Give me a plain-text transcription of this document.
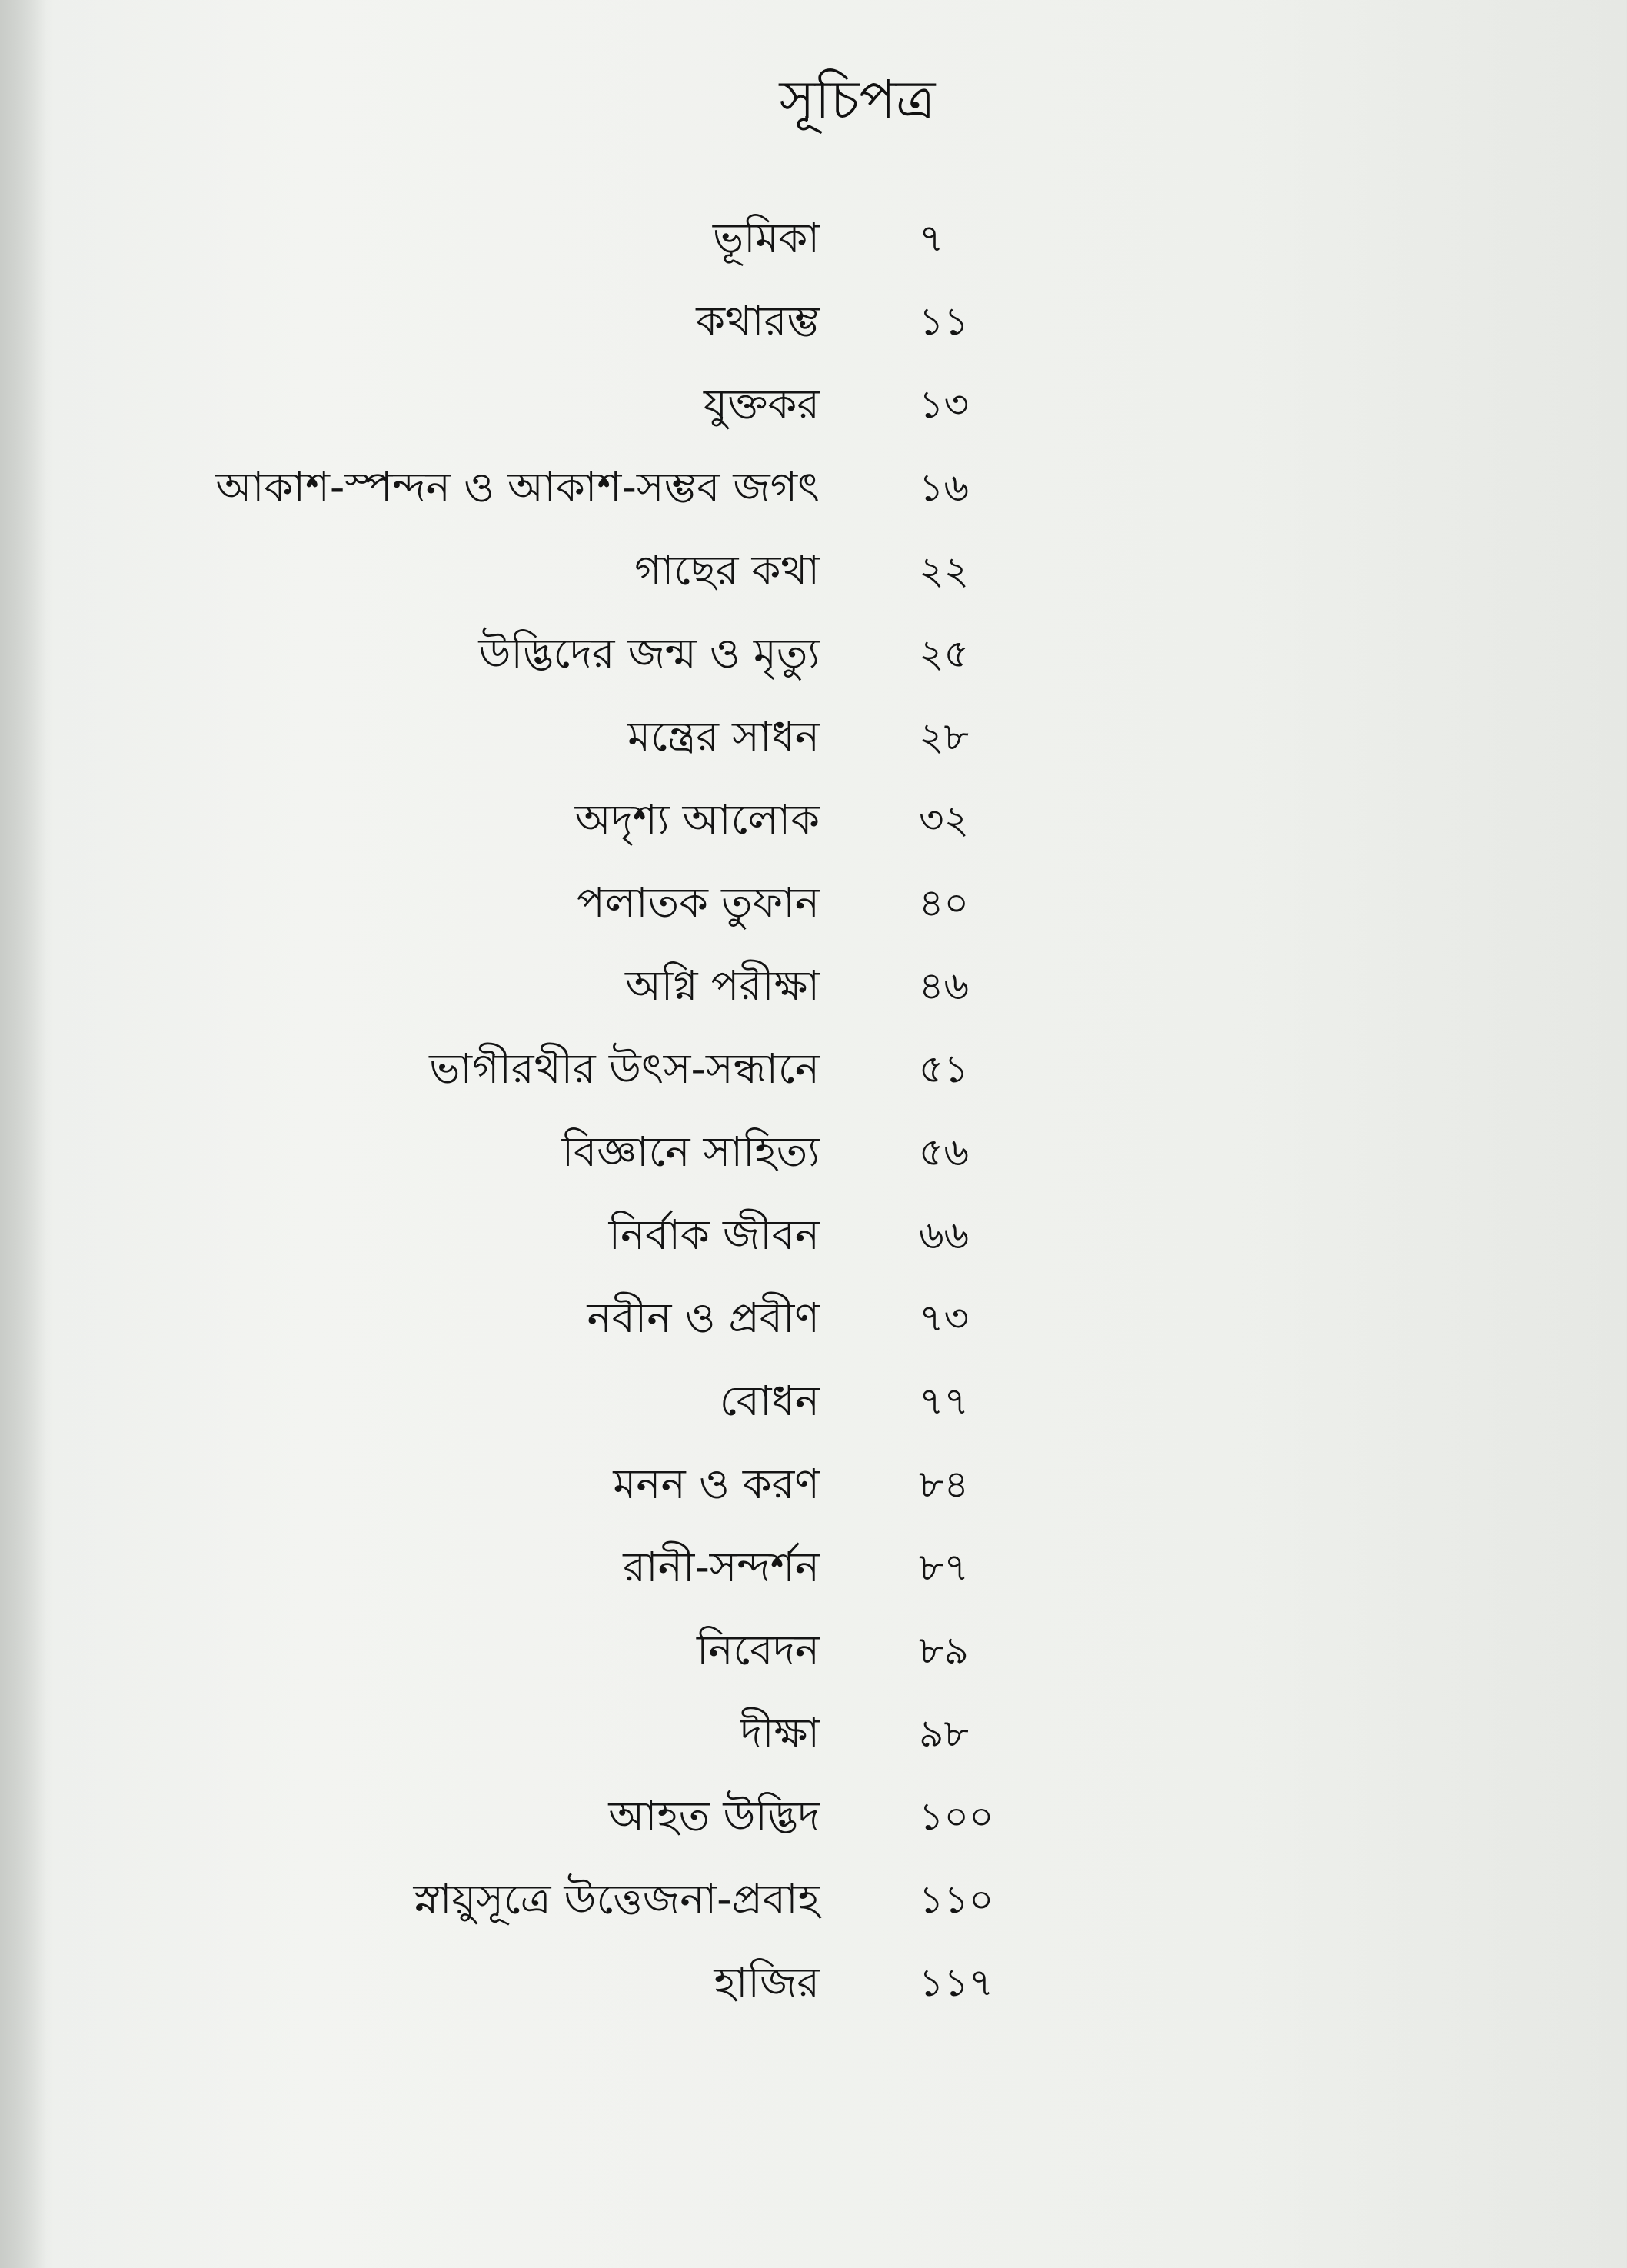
সূচিপত্র
ভূমিকা	৭
কথারম্ভ	১১
যুক্তকর	১৩
আকাশ-স্পন্দন ও আকাশ-সম্ভব জগৎ	১৬
গাছের কথা	২২
উদ্ভিদের জন্ম ও মৃত্যু	২৫
মন্ত্রের সাধন	২৮
অদৃশ্য আলোক	৩২
পলাতক তুফান	৪০
অগ্নি পরীক্ষা	৪৬
ভাগীরথীর উৎস-সন্ধানে	৫১
বিজ্ঞানে সাহিত্য	৫৬
নির্বাক জীবন	৬৬
নবীন ও প্রবীণ	৭৩
বোধন	৭৭
মনন ও করণ	৮৪
রানী-সন্দর্শন	৮৭
নিবেদন	৮৯
দীক্ষা	৯৮
আহত উদ্ভিদ	১০০
স্নায়ুসূত্রে উত্তেজনা-প্রবাহ	১১০
হাজির	১১৭
